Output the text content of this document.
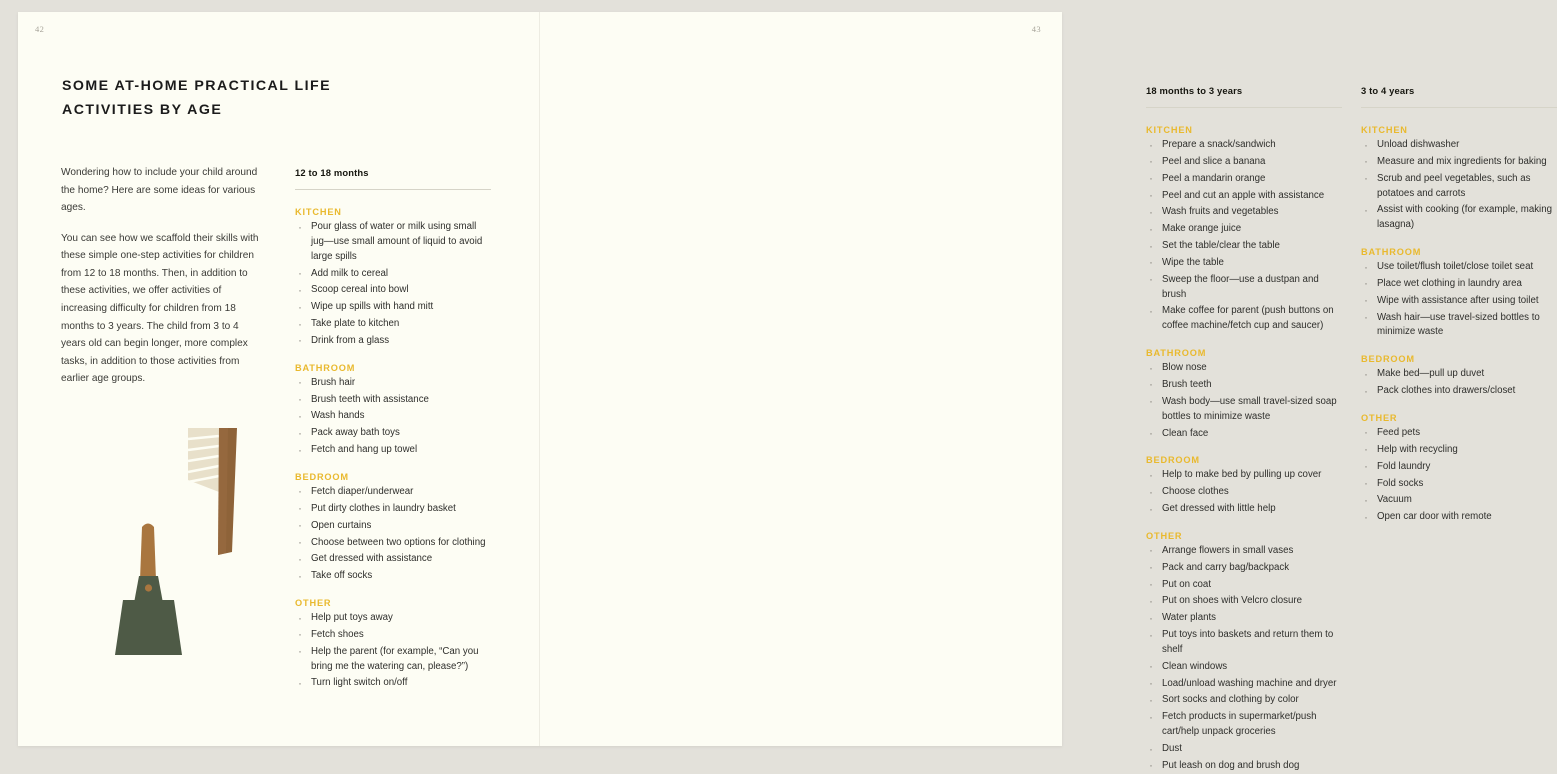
42
SOME AT-HOME PRACTICAL LIFE ACTIVITIES BY AGE

Wondering how to include your child around the home? Here are some ideas for various ages.

You can see how we scaffold their skills with these simple one-step activities for children from 12 to 18 months. Then, in addition to these activities, we offer activities of increasing difficulty for children from 18 months to 3 years. The child from 3 to 4 years old can begin longer, more complex tasks, in addition to those activities from earlier age groups.

12 to 18 months
KITCHEN
· Pour glass of water or milk using small jug—use small amount of liquid to avoid large spills
· Add milk to cereal
· Scoop cereal into bowl
· Wipe up spills with hand mitt
· Take plate to kitchen
· Drink from a glass
BATHROOM
· Brush hair
· Brush teeth with assistance
· Wash hands
· Pack away bath toys
· Fetch and hang up towel
BEDROOM
· Fetch diaper/underwear
· Put dirty clothes in laundry basket
· Open curtains
· Choose between two options for clothing
· Get dressed with assistance
· Take off socks
OTHER
· Help put toys away
· Fetch shoes
· Help the parent (for example, “Can you bring me the watering can, please?”)
· Turn light switch on/off
43
18 months to 3 years
KITCHEN
· Prepare a snack/sandwich
· Peel and slice a banana
· Peel a mandarin orange
· Peel and cut an apple with assistance
· Wash fruits and vegetables
· Make orange juice
· Set the table/clear the table
· Wipe the table
· Sweep the floor—use a dustpan and brush
· Make coffee for parent (push buttons on coffee machine/fetch cup and saucer)
BATHROOM
· Blow nose
· Brush teeth
· Wash body—use small travel-sized soap bottles to minimize waste
· Clean face
BEDROOM
· Help to make bed by pulling up cover
· Choose clothes
· Get dressed with little help
OTHER
· Arrange flowers in small vases
· Pack and carry bag/backpack
· Put on coat
· Put on shoes with Velcro closure
· Water plants
· Put toys into baskets and return them to shelf
· Clean windows
· Load/unload washing machine and dryer
· Sort socks and clothing by color
· Fetch products in supermarket/push cart/help unpack groceries
· Dust
· Put leash on dog and brush dog
3 to 4 years
KITCHEN
· Unload dishwasher
· Measure and mix ingredients for baking
· Scrub and peel vegetables, such as potatoes and carrots
· Assist with cooking (for example, making lasagna)
BATHROOM
· Use toilet/flush toilet/close toilet seat
· Place wet clothing in laundry area
· Wipe with assistance after using toilet
· Wash hair—use travel-sized bottles to minimize waste
BEDROOM
· Make bed—pull up duvet
· Pack clothes into drawers/closet
OTHER
· Feed pets
· Help with recycling
· Fold laundry
· Fold socks
· Vacuum
· Open car door with remote
